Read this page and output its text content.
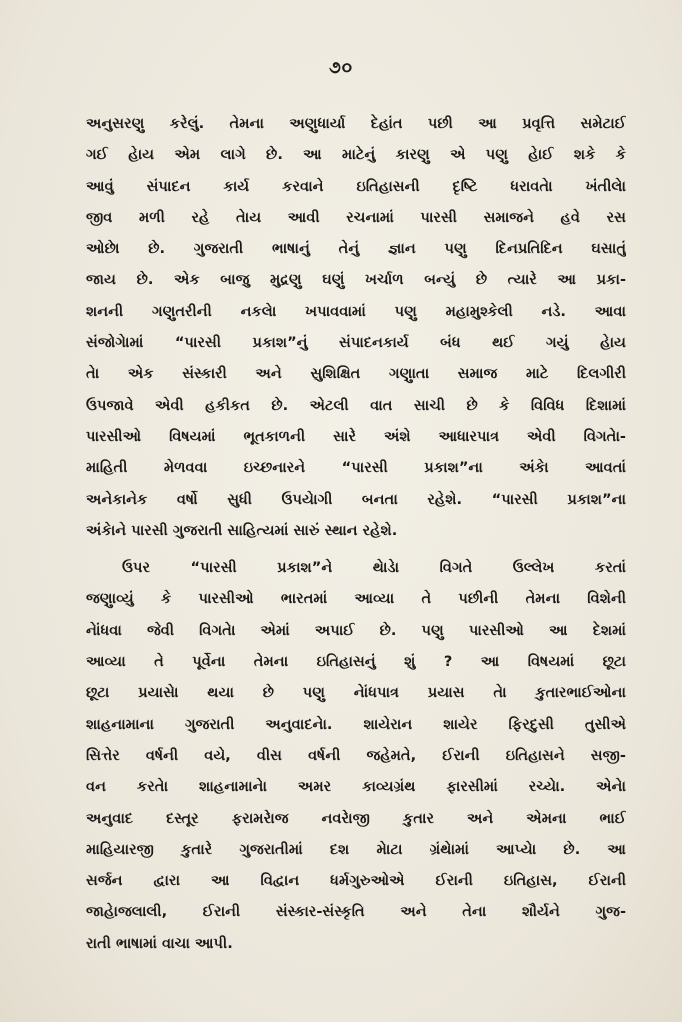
૭૦
અનુસરણુ કરેલું. તેમના અણુધાર્યા દેહાંત પછી આ પ્રવૃત્તિ સમેટાઈ
ગઈ હેાય એમ લાગે છે. આ માટેનું કારણુ એ પણુ હેાઈ શકે કે
આવું સંપાદન કાર્ય કરવાને ઇતિહાસની દૃષ્ટિ ધરાવતેા ખંતીલેા
જીવ મળી રહે તેાય આવી રચનામાં પારસી સમાજને હવે રસ
ઓછેા છે. ગુજરાતી ભાષાનું તેનું જ્ઞાન પણુ દિનપ્રતિદિન ઘસાતું
જાય છે. એક બાજુ મુદ્રણુ ઘણું ખર્ચાળ બન્યું છે ત્યારે આ પ્રકા-
શનની ગણુતરીની નકલેા ખપાવવામાં પણુ મહામુશ્કેલી નડે. આવા
સંજોગેામાં “પારસી પ્રકાશ”નું સંપાદનકાર્ય બંધ થઈ ગયું હેાય
તેા એક સંસ્કારી અને સુશિક્ષિત ગણુાતા સમાજ માટે દિલગીરી
ઉપજાવે એવી હકીકત છે. એટલી વાત સાચી છે કે વિવિધ દિશામાં
પારસીઓ વિષયમાં ભૂતકાળની સારે અંશે આધારપાત્ર એવી વિગતેા-
માહિતી મેળવવા ઇચ્છનારને “પારસી પ્રકાશ”ના અંકેા આવતાં
અનેકાનેક વર્ષો સુધી ઉપયેાગી બનતા રહેશે. “પારસી પ્રકાશ”ના
અંકેાને પારસી ગુજરાતી સાહિત્યમાં સારું સ્થાન રહેશે.
ઉપર “પારસી પ્રકાશ”ને થેાડેા વિગતે ઉલ્લેખ કરતાં
જણુાવ્યું કે પારસીઓ ભારતમાં આવ્યા તે પછીની તેમના વિશેની
નેાંધવા જેવી વિગતેા એમાં અપાઈ છે. પણુ પારસીઓ આ દેશમાં
આવ્યા તે પૂર્વેના તેમના ઇતિહાસનું શું ? આ વિષયમાં છૂટા
છૂટા પ્રયાસેા થયા છે પણુ નેાંધપાત્ર પ્રયાસ તેા કુતારભાઈઓના
શાહનામાના ગુજરાતી અનુવાદનેા. શાયેરાન શાયેર ફિરદુસી તુસીએ
સિત્તેર વર્ષની વયે, વીસ વર્ષની જહેમતે, ઈરાની ઇતિહાસને સજી-
વન કરતેા શાહનામાનેા અમર કાવ્યગ્રંથ ફારસીમાં રચ્યેા. એનેા
અનુવાદ દસ્તૂર ફરામરેાજ નવરેાજી કુતાર અને એમના ભાઈ
માહિયારજી કુતારે ગુજરાતીમાં દશ મેાટા ગ્રંથેામાં આપ્યેા છે. આ
સર્જન દ્વારા આ વિદ્વાન ધર્મગુરુઓએ ઈરાની ઇતિહાસ, ઈરાની
જાહેાજલાલી, ઈરાની સંસ્કાર-સંસ્કૃતિ અને તેના શૌર્યને ગુજ-
રાતી ભાષામાં વાચા આપી.
